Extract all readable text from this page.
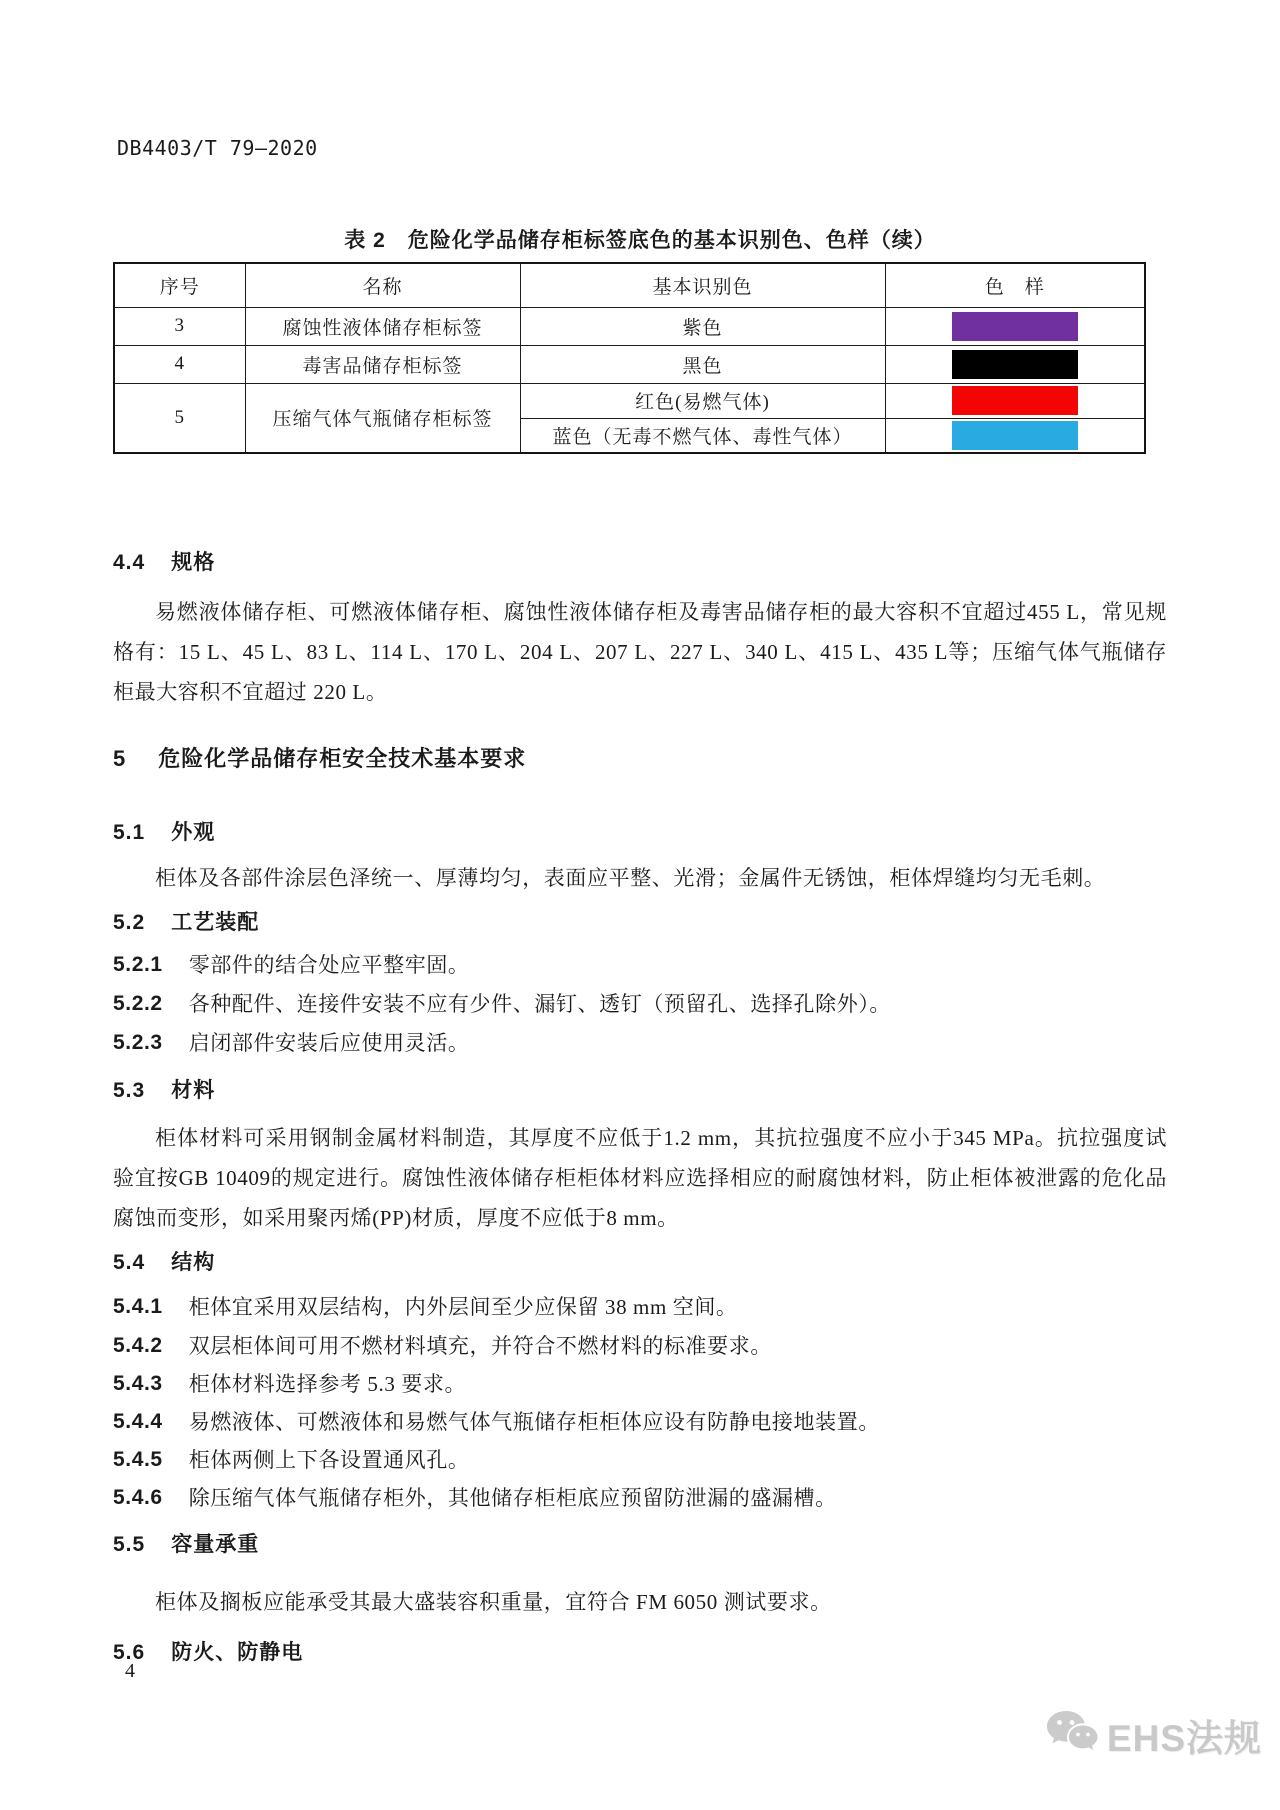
DB4403/T 79—2020
表 2　危险化学品储存柜标签底色的基本识别色、色样（续）
序号	名称	基本识别色	色　样
3	腐蚀性液体储存柜标签	紫色	

4	毒害品储存柜标签	黑色	

5	压缩气体气瓶储存柜标签	红色(易燃气体)	

		蓝色（无毒不燃气体、毒性气体）	
4.4 规格
易燃液体储存柜、可燃液体储存柜、腐蚀性液体储存柜及毒害品储存柜的最大容积不宜超过455 L，常见规格有：15 L、45 L、83 L、114 L、170 L、204 L、207 L、227 L、340 L、415 L、435 L等；压缩气体气瓶储存柜最大容积不宜超过 220 L。
5 危险化学品储存柜安全技术基本要求
5.1 外观
柜体及各部件涂层色泽统一、厚薄均匀，表面应平整、光滑；金属件无锈蚀，柜体焊缝均匀无毛刺。
5.2 工艺装配
5.2.1 零部件的结合处应平整牢固。
5.2.2 各种配件、连接件安装不应有少件、漏钉、透钉（预留孔、选择孔除外）。
5.2.3 启闭部件安装后应使用灵活。
5.3 材料
柜体材料可采用钢制金属材料制造，其厚度不应低于1.2 mm，其抗拉强度不应小于345 MPa。抗拉强度试验宜按GB 10409的规定进行。腐蚀性液体储存柜柜体材料应选择相应的耐腐蚀材料，防止柜体被泄露的危化品腐蚀而变形，如采用聚丙烯(PP)材质，厚度不应低于8 mm。
5.4 结构
5.4.1 柜体宜采用双层结构，内外层间至少应保留 38 mm 空间。
5.4.2 双层柜体间可用不燃材料填充，并符合不燃材料的标准要求。
5.4.3 柜体材料选择参考 5.3 要求。
5.4.4 易燃液体、可燃液体和易燃气体气瓶储存柜柜体应设有防静电接地装置。
5.4.5 柜体两侧上下各设置通风孔。
5.4.6 除压缩气体气瓶储存柜外，其他储存柜柜底应预留防泄漏的盛漏槽。
5.5 容量承重
柜体及搁板应能承受其最大盛装容积重量，宜符合 FM 6050 测试要求。
5.6 防火、防静电
4
EHS法规
